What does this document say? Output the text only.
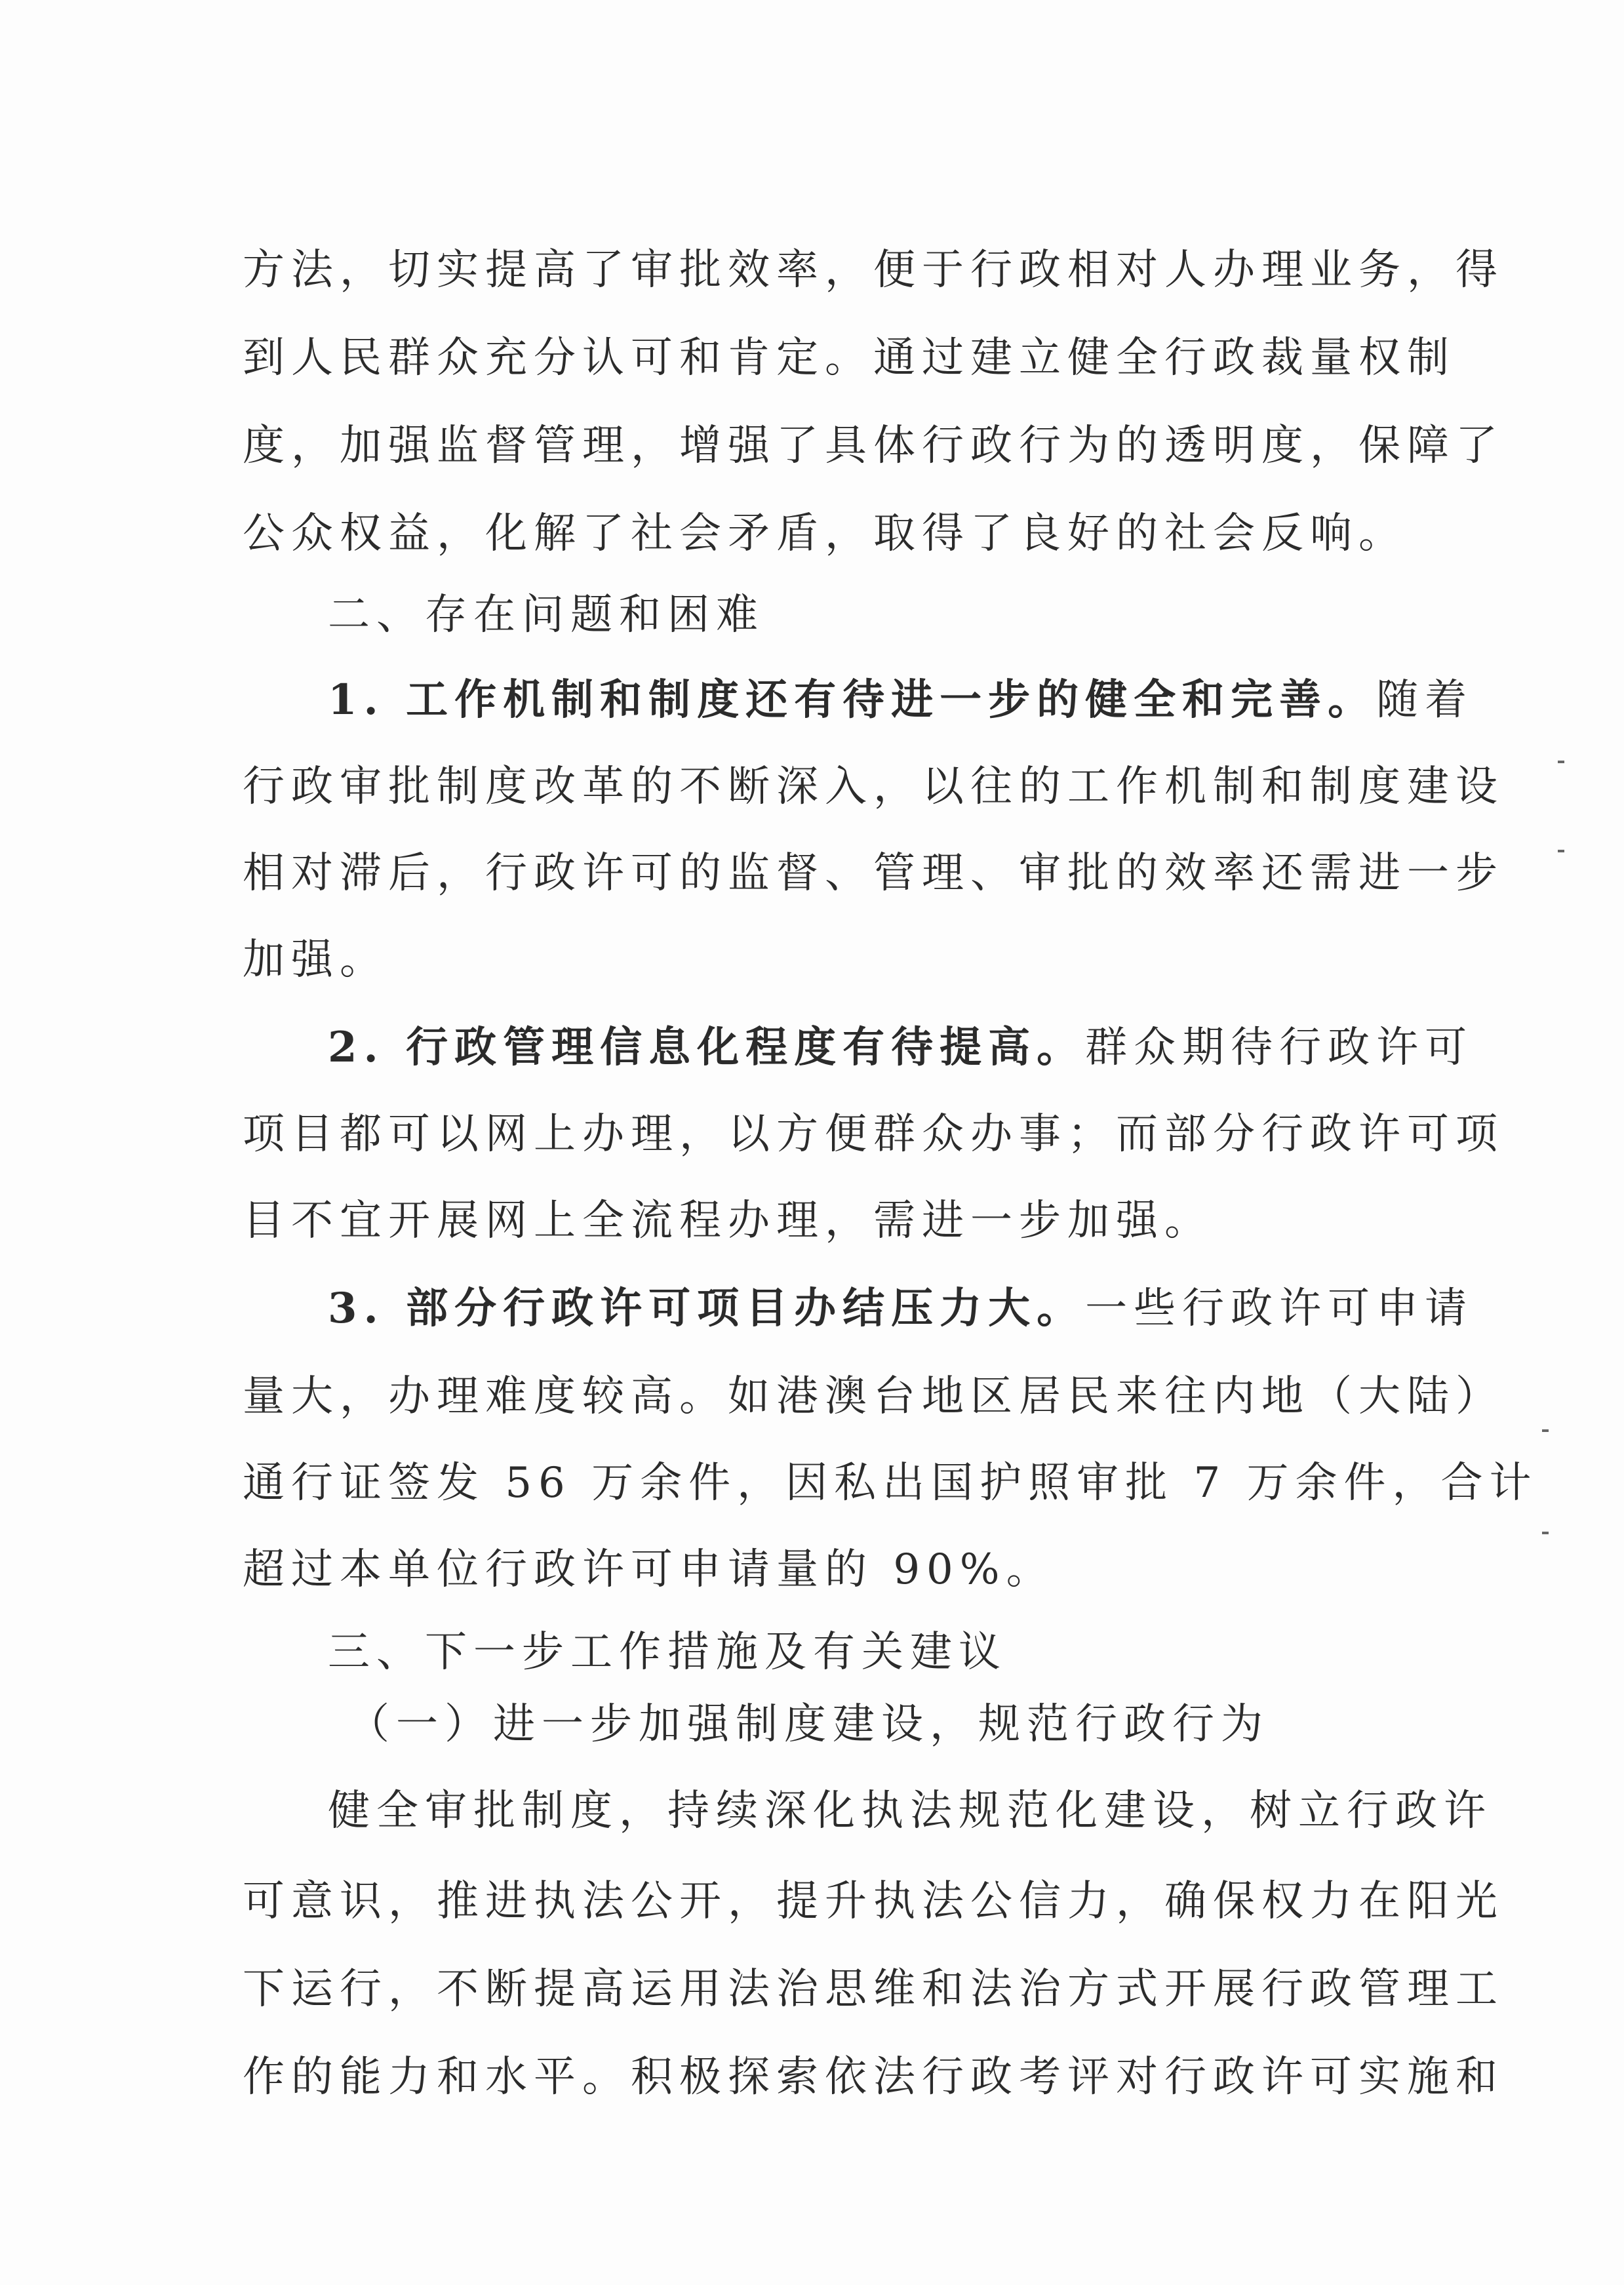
方法，切实提高了审批效率，便于行政相对人办理业务，得
到人民群众充分认可和肯定。通过建立健全行政裁量权制
度，加强监督管理，增强了具体行政行为的透明度，保障了
公众权益，化解了社会矛盾，取得了良好的社会反响。
二、存在问题和困难
1. 工作机制和制度还有待进一步的健全和完善。随着
行政审批制度改革的不断深入，以往的工作机制和制度建设
相对滞后，行政许可的监督、管理、审批的效率还需进一步
加强。
2. 行政管理信息化程度有待提高。群众期待行政许可
项目都可以网上办理，以方便群众办事；而部分行政许可项
目不宜开展网上全流程办理，需进一步加强。
3. 部分行政许可项目办结压力大。一些行政许可申请
量大，办理难度较高。如港澳台地区居民来往内地（大陆）
通行证签发 56 万余件，因私出国护照审批 7 万余件，合计
超过本单位行政许可申请量的 90%。
三、下一步工作措施及有关建议
（一）进一步加强制度建设，规范行政行为
健全审批制度，持续深化执法规范化建设，树立行政许
可意识，推进执法公开，提升执法公信力，确保权力在阳光
下运行，不断提高运用法治思维和法治方式开展行政管理工
作的能力和水平。积极探索依法行政考评对行政许可实施和
